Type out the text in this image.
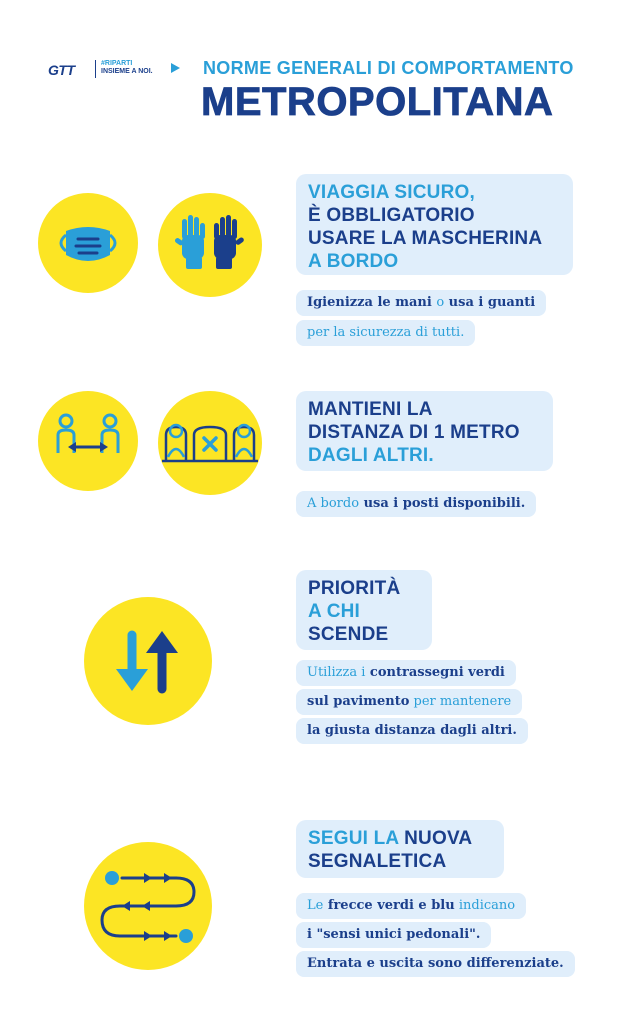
GTT	#RIPARTI
INSIEME A NOI.	NORME GENERALI DI COMPORTAMENTO
METROPOLITANA
VIAGGIA SICURO,
È OBBLIGATORIO
USARE LA MASCHERINA
A BORDO
Igienizza le mani o usa i guanti
per la sicurezza di tutti.
MANTIENI LA
DISTANZA DI 1 METRO
DAGLI ALTRI.
A bordo usa i posti disponibili.
PRIORITÀ
A CHI
SCENDE
Utilizza i contrassegni verdi
sul pavimento per mantenere
la giusta distanza dagli altri.
SEGUI LA NUOVA
SEGNALETICA
Le frecce verdi e blu indicano
i "sensi unici pedonali".
Entrata e uscita sono differenziate.
